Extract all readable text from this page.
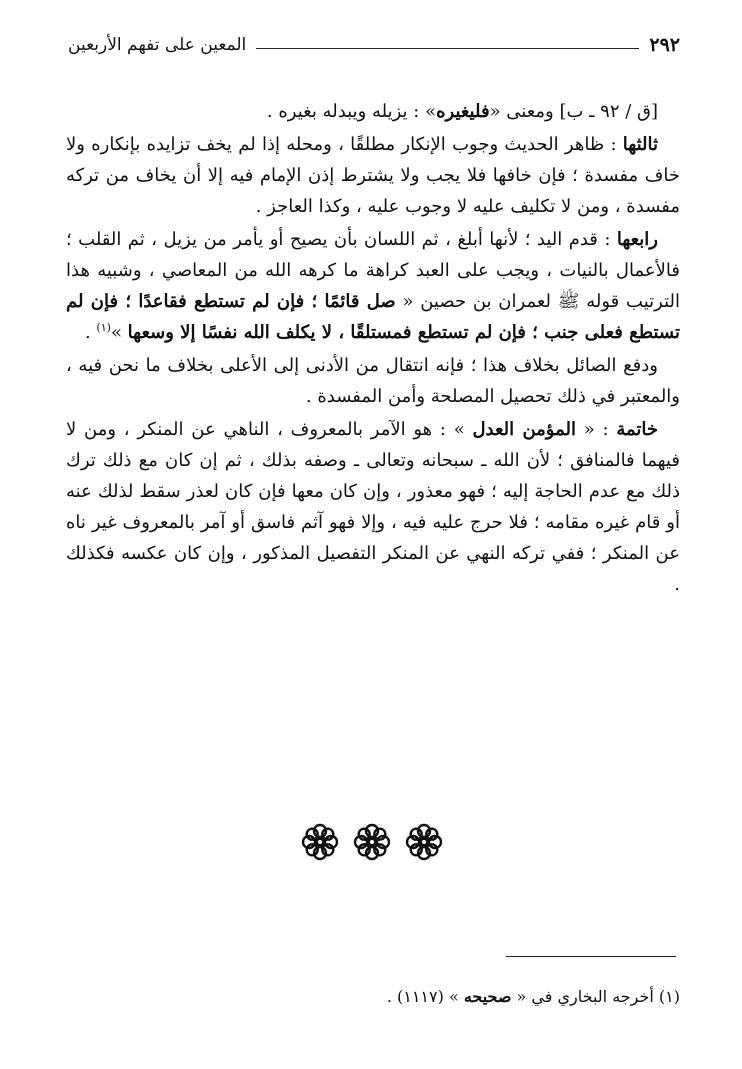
٢٩٢
المعين على تفهم الأربعين

[ق / ٩٢ ـ ب] ومعنى «فليغيره» : يزيله ويبدله بغيره .

ثالثها : ظاهر الحديث وجوب الإنكار مطلقًا ، ومحله إذا لم يخف تزايده بإنكاره ولا خاف مفسدة ؛ فإن خافها فلا يجب ولا يشترط إذن الإمام فيه إلا أن يخاف من تركه مفسدة ، ومن لا تكليف عليه لا وجوب عليه ، وكذا العاجز .

رابعها : قدم اليد ؛ لأنها أبلغ ، ثم اللسان بأن يصيح أو يأمر من يزيل ، ثم القلب ؛ فالأعمال بالنيات ، ويجب على العبد كراهة ما كرهه الله من المعاصي ، وشبيه هذا الترتيب قوله ﷺ لعمران بن حصين « صل قائمًا ؛ فإن لم تستطع فقاعدًا ؛ فإن لم تستطع فعلى جنب ؛ فإن لم تستطع فمستلقًا ، لا يكلف الله نفسًا إلا وسعها »$^{(١)}$ .

ودفع الصائل بخلاف هذا ؛ فإنه انتقال من الأدنى إلى الأعلى بخلاف ما نحن فيه ، والمعتبر في ذلك تحصيل المصلحة وأمن المفسدة .

خاتمة : « المؤمن العدل » : هو الآمر بالمعروف ، الناهي عن المنكر ، ومن لا فيهما فالمنافق ؛ لأن الله ـ سبحانه وتعالى ـ وصفه بذلك ، ثم إن كان مع ذلك ترك ذلك مع عدم الحاجة إليه ؛ فهو معذور ، وإن كان معها فإن كان لعذر سقط لذلك عنه أو قام غيره مقامه ؛ فلا حرج عليه فيه ، وإلا فهو آثم فاسق أو آمر بالمعروف غير ناه عن المنكر ؛ ففي تركه النهي عن المنكر التفصيل المذكور ، وإن كان عكسه فكذلك .

(١) أخرجه البخاري في « صحيحه » (١١١٧) .
